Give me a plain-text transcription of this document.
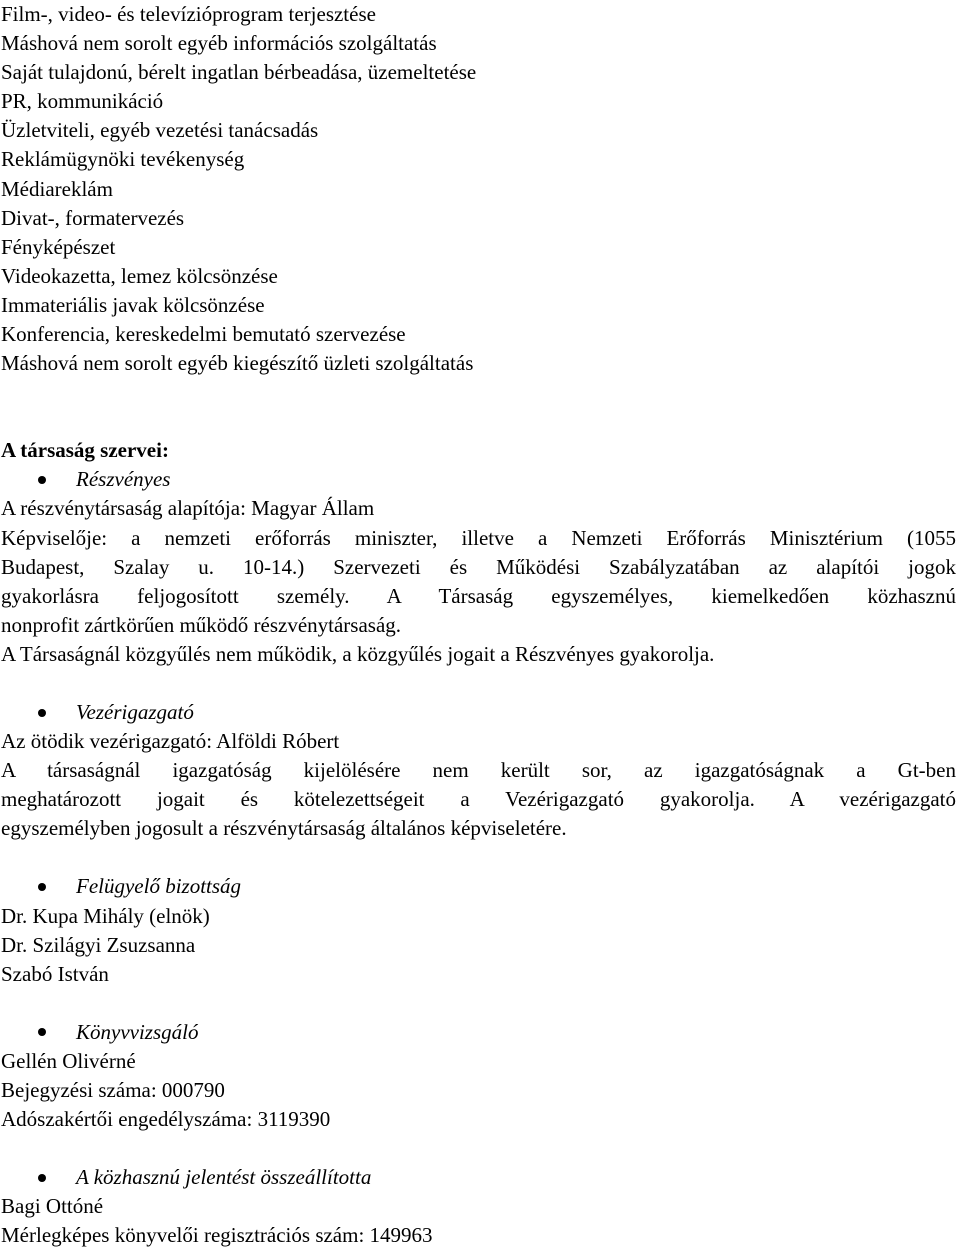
Film-, video- és televízióprogram terjesztése
Máshová nem sorolt egyéb információs szolgáltatás
Saját tulajdonú, bérelt ingatlan bérbeadása, üzemeltetése
PR, kommunikáció
Üzletviteli, egyéb vezetési tanácsadás
Reklámügynöki tevékenység
Médiareklám
Divat-, formatervezés
Fényképészet
Videokazetta, lemez kölcsönzése
Immateriális javak kölcsönzése
Konferencia, kereskedelmi bemutató szervezése
Máshová nem sorolt egyéb kiegészítő üzleti szolgáltatás
A társaság szervei:
Részvényes
A részvénytársaság alapítója: Magyar Állam
Képviselője: a nemzeti erőforrás miniszter, illetve a Nemzeti Erőforrás Minisztérium (1055
Budapest, Szalay u. 10-14.) Szervezeti és Működési Szabályzatában az alapítói jogok
gyakorlásra feljogosított személy. A Társaság egyszemélyes, kiemelkedően közhasznú
nonprofit zártkörűen működő részvénytársaság.
A Társaságnál közgyűlés nem működik, a közgyűlés jogait a Részvényes gyakorolja.
Vezérigazgató
Az ötödik vezérigazgató: Alföldi Róbert
A társaságnál igazgatóság kijelölésére nem került sor, az igazgatóságnak a Gt-ben
meghatározott jogait és kötelezettségeit a Vezérigazgató gyakorolja. A vezérigazgató
egyszemélyben jogosult a részvénytársaság általános képviseletére.
Felügyelő bizottság
Dr. Kupa Mihály (elnök)
Dr. Szilágyi Zsuzsanna
Szabó István
Könyvvizsgáló
Gellén Olivérné
Bejegyzési száma: 000790
Adószakértői engedélyszáma: 3119390
A közhasznú jelentést összeállította
Bagi Ottóné
Mérlegképes könyvelői regisztrációs szám: 149963
